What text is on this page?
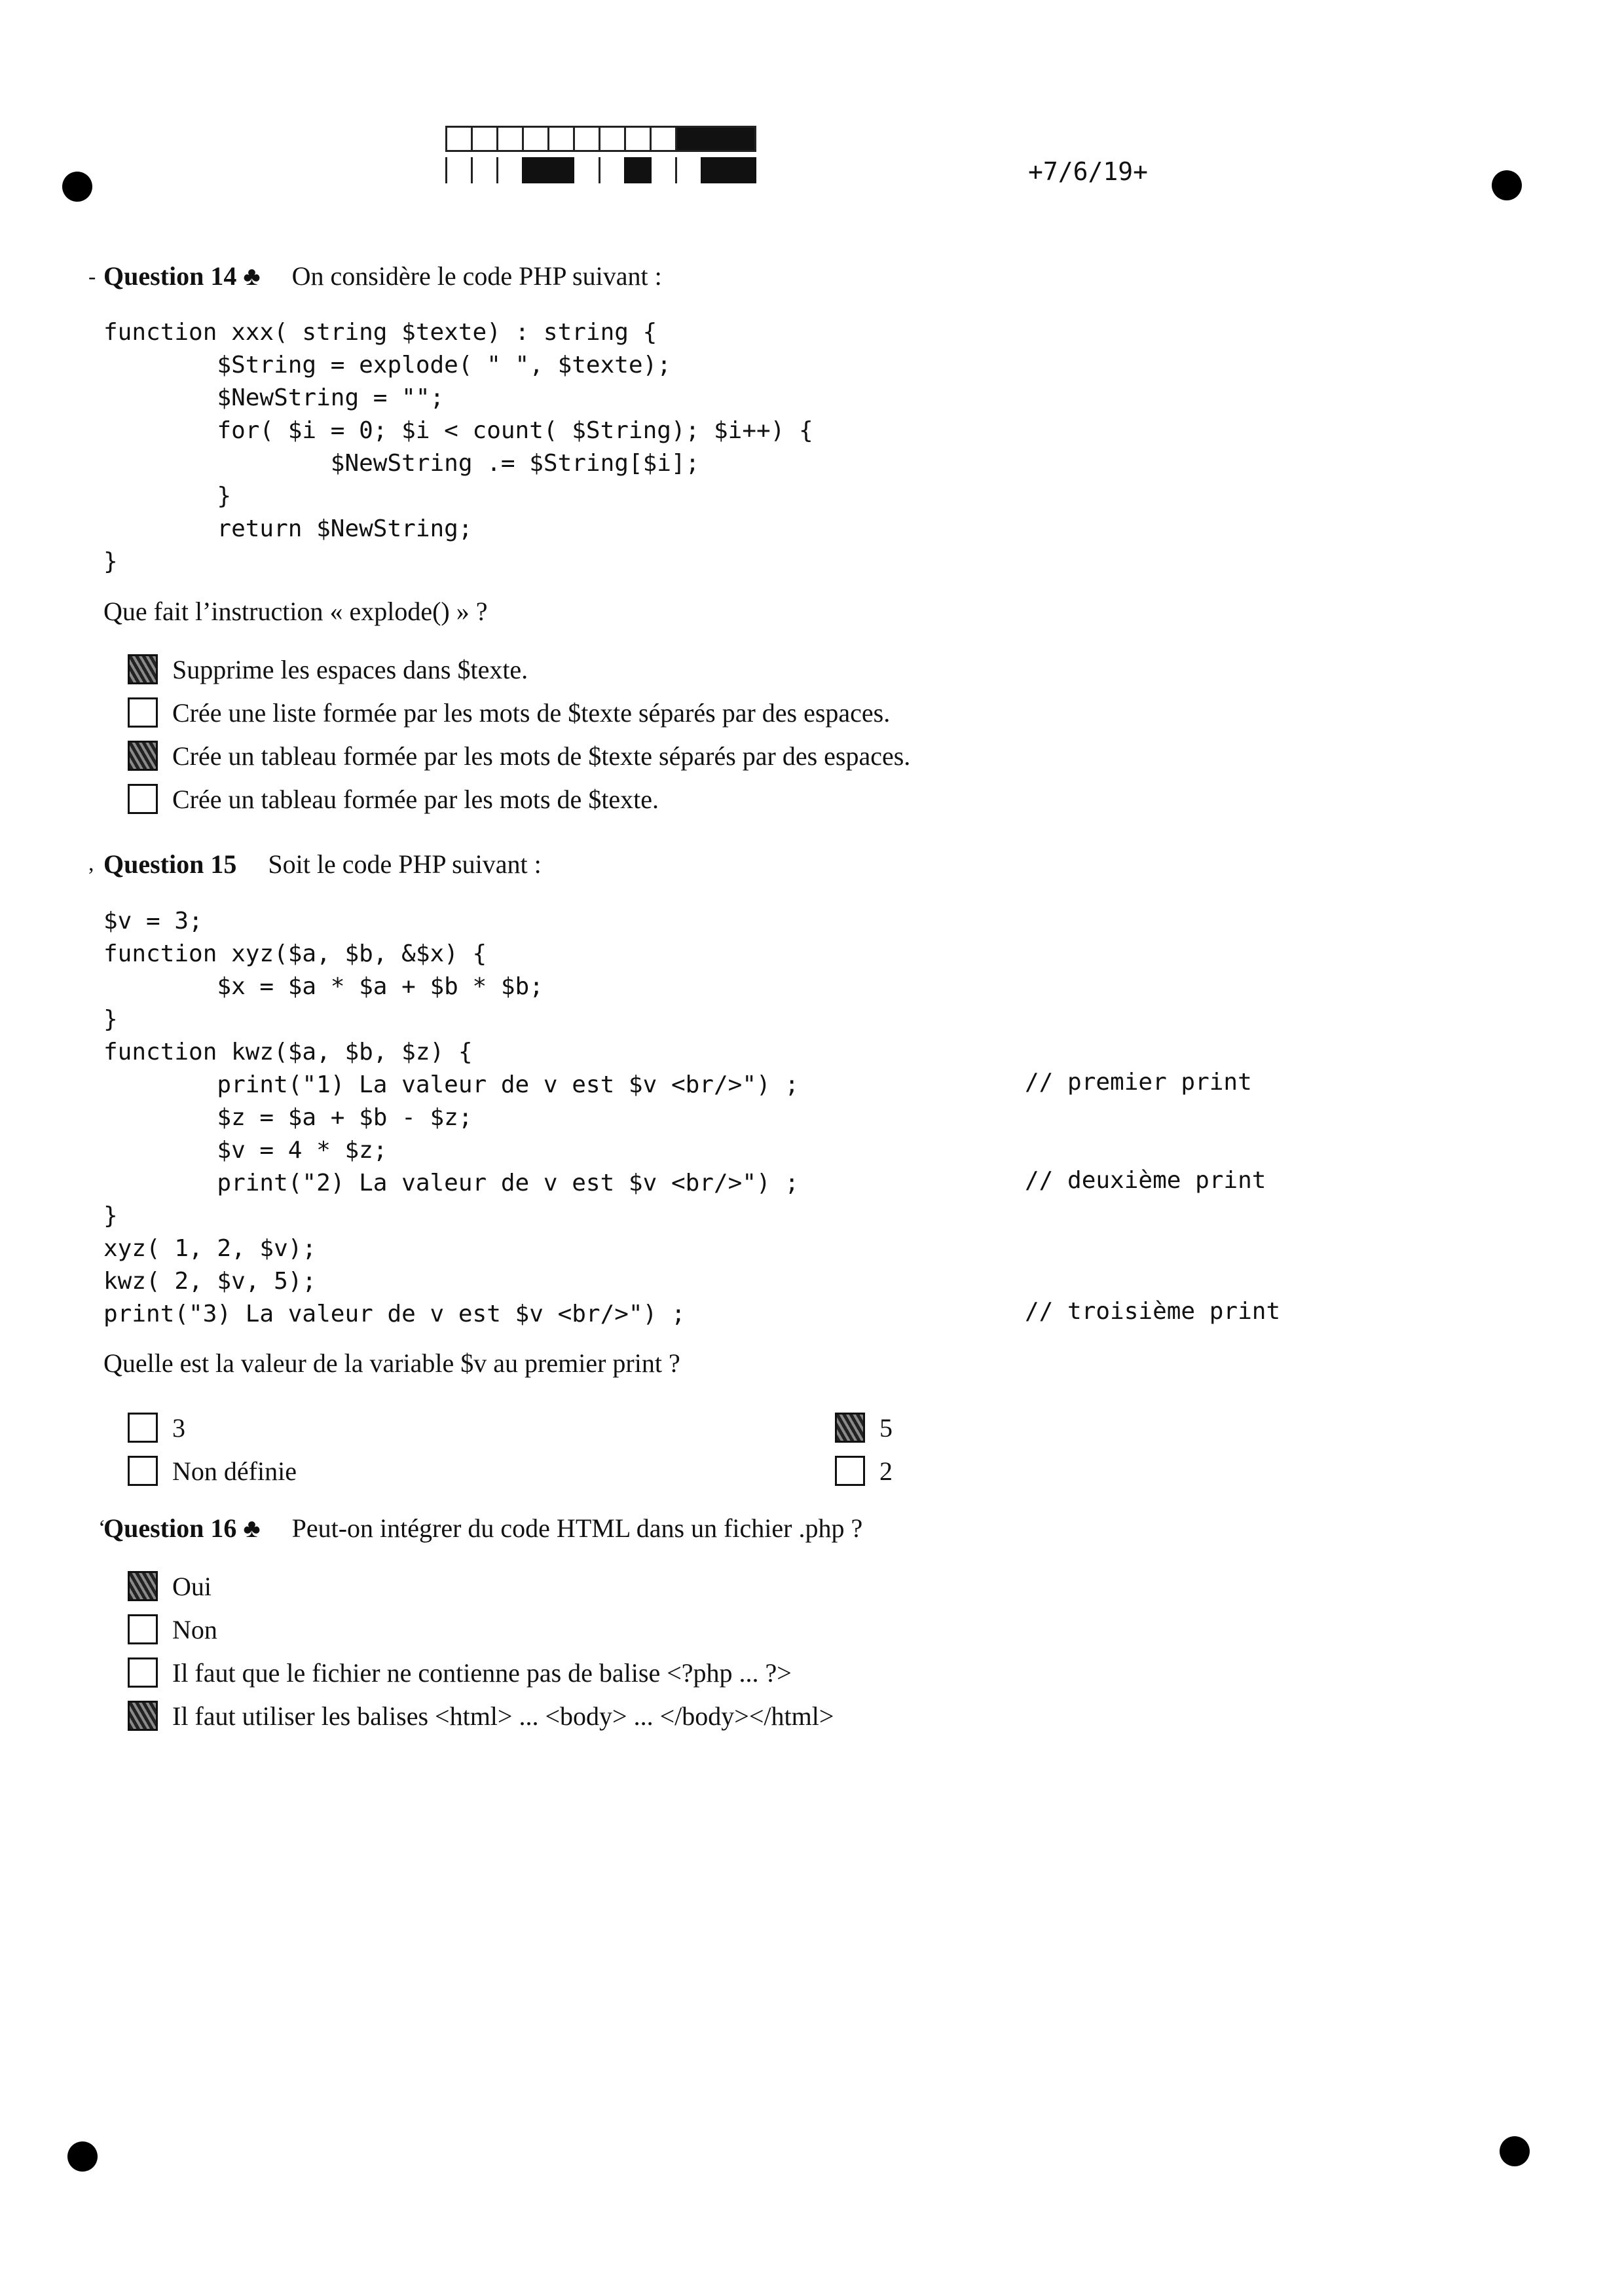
+7/6/19+
- Question 14 ♣ On considère le code PHP suivant :
function xxx( string $texte) : string {
$String = explode( " ", $texte);
$NewString = "";
for( $i = 0; $i < count( $String); $i++) {
$NewString .= $String[$i];
}
return $NewString;
}
Que fait l’instruction « explode() » ?
Supprime les espaces dans $texte.
Crée une liste formée par les mots de $texte séparés par des espaces.
Crée un tableau formée par les mots de $texte séparés par des espaces.
Crée un tableau formée par les mots de $texte.
, Question 15 Soit le code PHP suivant :
$v = 3;
function xyz($a, $b, &$x) {
$x = $a * $a + $b * $b;
}
function kwz($a, $b, $z) {
print("1) La valeur de v est $v <br/>") ;
$z = $a + $b - $z;
$v = 4 * $z;
print("2) La valeur de v est $v <br/>") ;
}
xyz( 1, 2, $v);
kwz( 2, $v, 5);
print("3) La valeur de v est $v <br/>") ;
// premier print
// deuxième print
// troisième print
Quelle est la valeur de la variable $v au premier print ?
3	5
Non définie	2
‘
Question 16 ♣ Peut-on intégrer du code HTML dans un fichier .php ?
Oui
Non
Il faut que le fichier ne contienne pas de balise <?php ... ?>
Il faut utiliser les balises <html> ... <body> ... </body></html>
